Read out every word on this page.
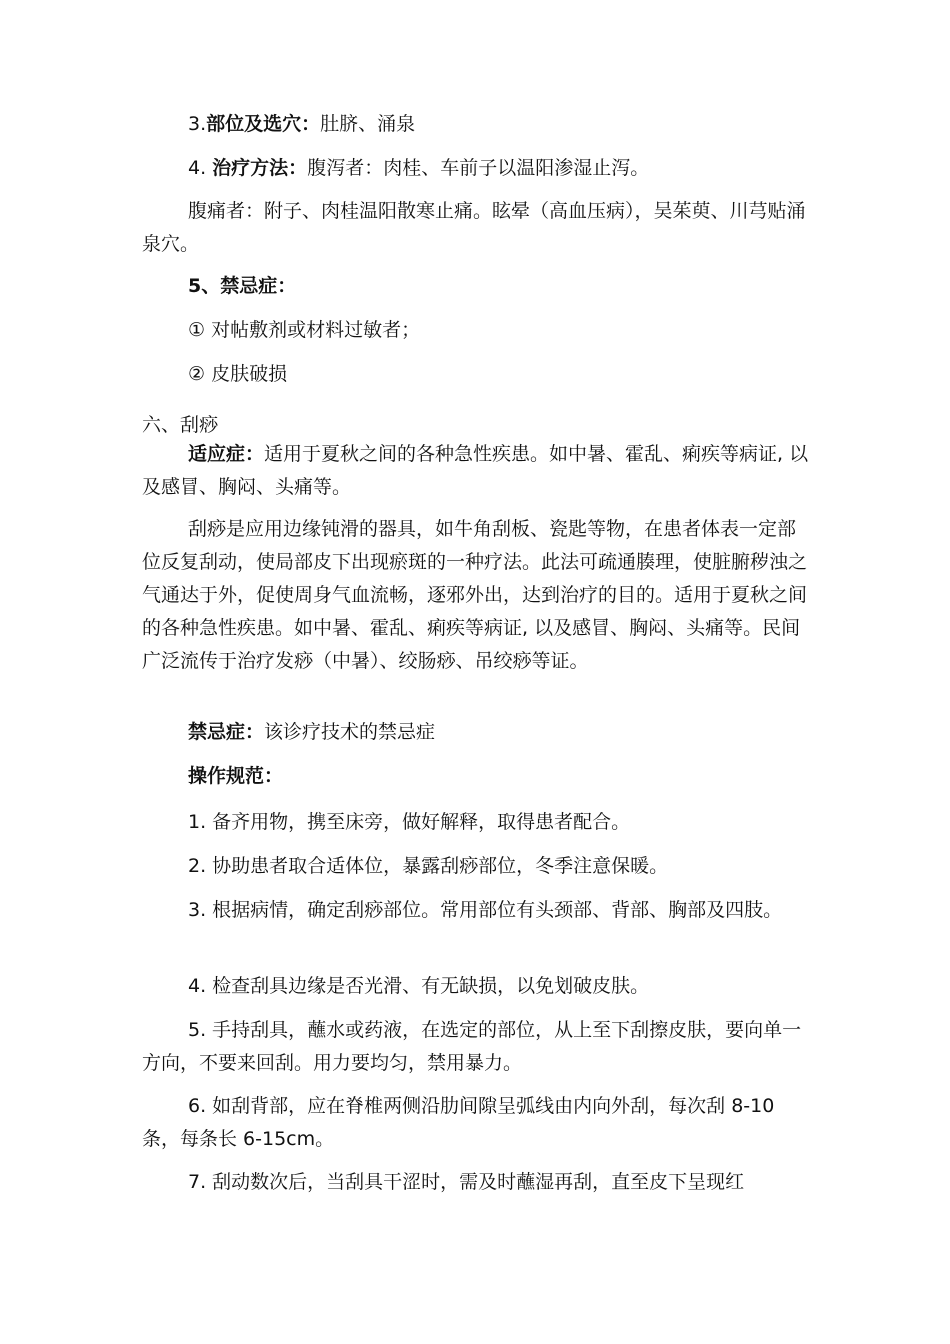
3.部位及选穴：肚脐、涌泉

4. 治疗方法：腹泻者：肉桂、车前子以温阳渗湿止泻。

腹痛者：附子、肉桂温阳散寒止痛。眩晕（高血压病），吴茱萸、川芎贴涌泉穴。

5、禁忌症：

① 对帖敷剂或材料过敏者；

② 皮肤破损

六、刮痧

适应症：适用于夏秋之间的各种急性疾患。如中暑、霍乱、痢疾等病证, 以及感冒、胸闷、头痛等。

刮痧是应用边缘钝滑的器具，如牛角刮板、瓷匙等物，在患者体表一定部位反复刮动，使局部皮下出现瘀斑的一种疗法。此法可疏通腠理，使脏腑秽浊之气通达于外，促使周身气血流畅，逐邪外出，达到治疗的目的。适用于夏秋之间的各种急性疾患。如中暑、霍乱、痢疾等病证, 以及感冒、胸闷、头痛等。民间广泛流传于治疗发痧（中暑）、绞肠痧、吊绞痧等证。

禁忌症：该诊疗技术的禁忌症

操作规范：

1. 备齐用物，携至床旁，做好解释，取得患者配合。

2. 协助患者取合适体位，暴露刮痧部位，冬季注意保暖。

3. 根据病情，确定刮痧部位。常用部位有头颈部、背部、胸部及四肢。

4. 检查刮具边缘是否光滑、有无缺损，以免划破皮肤。

5. 手持刮具，蘸水或药液，在选定的部位，从上至下刮擦皮肤，要向单一方向，不要来回刮。用力要均匀，禁用暴力。

6. 如刮背部，应在脊椎两侧沿肋间隙呈弧线由内向外刮，每次刮 8-10 条，每条长 6-15cm。

7. 刮动数次后，当刮具干涩时，需及时蘸湿再刮，直至皮下呈现红
